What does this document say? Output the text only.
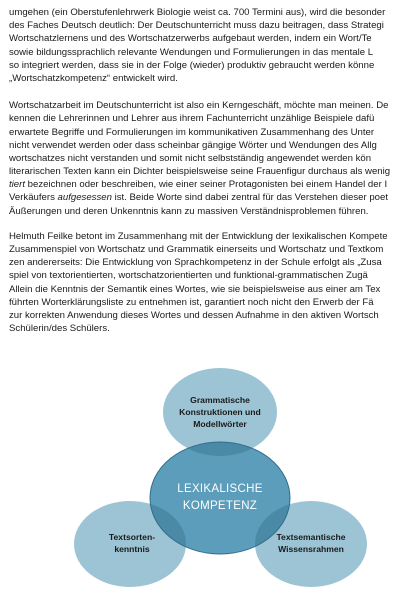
umgehen (ein Oberstufenlehrwerk Biologie weist ca. 700 Termini aus), wird die besonder
des Faches Deutsch deutlich: Der Deutschunterricht muss dazu beitragen, dass Strategi
Wortschatzlernens und des Wortschatzerwerbs aufgebaut werden, indem ein Wort/Te
sowie bildungssprachlich relevante Wendungen und Formulierungen in das mentale L
so integriert werden, dass sie in der Folge (wieder) produktiv gebraucht werden könne
„Wortschatzkompetenz“ entwickelt wird.

Wortschatzarbeit im Deutschunterricht ist also ein Kerngeschäft, möchte man meinen. De
kennen die Lehrerinnen und Lehrer aus ihrem Fachunterricht unzählige Beispiele dafü
erwartete Begriffe und Formulierungen im kommunikativen Zusammenhang des Unter
nicht verwendet werden oder dass scheinbar gängige Wörter und Wendungen des Allg
wortschatzes nicht verstanden und somit nicht selbstständig angewendet werden kön
literarischen Texten kann ein Dichter beispielsweise seine Frauenfigur durchaus als wenig
tiert bezeichnen oder beschreiben, wie einer seiner Protagonisten bei einem Handel der I
Verkäufers aufgesessen ist. Beide Worte sind dabei zentral für das Verstehen dieser poet
Äußerungen und deren Unkenntnis kann zu massiven Verständnisproblemen führen.

Helmuth Feilke betont im Zusammenhang mit der Entwicklung der lexikalischen Kompete
Zusammenspiel von Wortschatz und Grammatik einerseits und Wortschatz und Textkom
zen andererseits: Die Entwicklung von Sprachkompetenz in der Schule erfolgt als „Zusa
spiel von textorientierten, wortschatzorientierten und funktional-grammatischen Zugä
Allein die Kenntnis der Semantik eines Wortes, wie sie beispielsweise aus einer am Tex
führten Worterklärungsliste zu entnehmen ist, garantiert noch nicht den Erwerb der Fä
zur korrekten Anwendung dieses Wortes und dessen Aufnahme in den aktiven Wortsch
Schülerin/des Schülers.

Grammatische
Konstruktionen und
Modellwörter
LEXIKALISCHE
KOMPETENZ
Textsorten-
kenntnis
Textsemantische
Wissensrahmen
